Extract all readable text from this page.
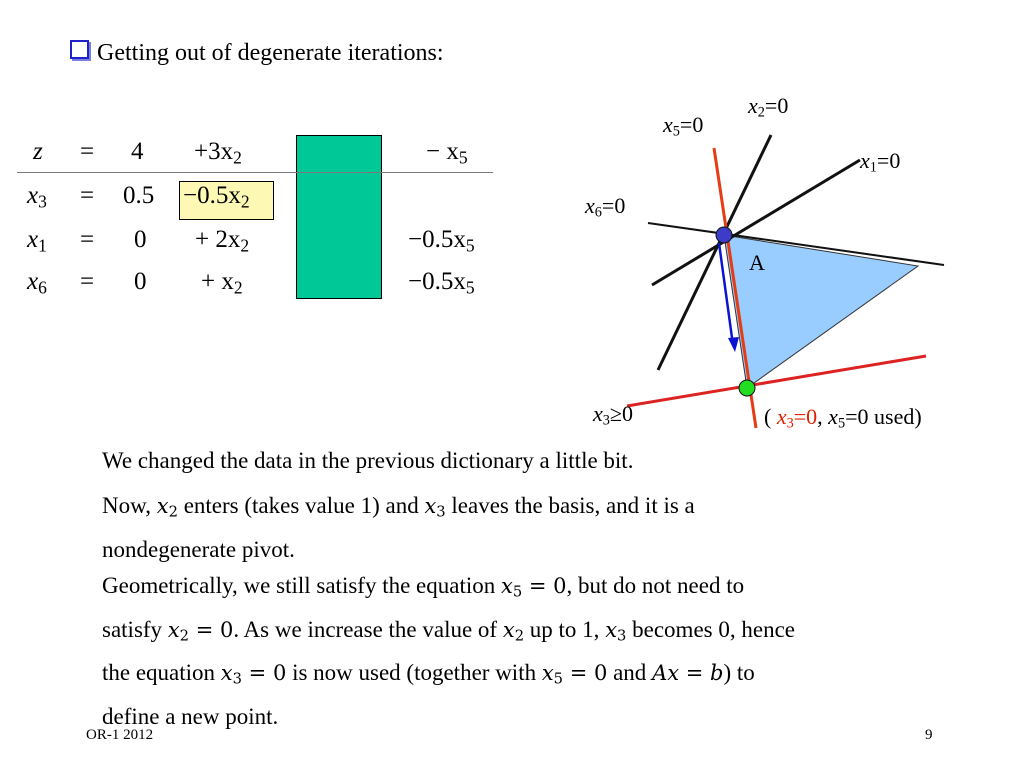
Getting out of degenerate iterations:
$z = 4 +3x_2$	− $x_5$
$x_3 = 0.5 -0.5x_2$
$x_1 = 0 + 2x_2$	$-0.5x_5$
$x_6 = 0 + x_2$	$-0.5x_5$
$x_5=0$
$x_2=0$
$x_1=0$
$x_6=0$
A
$x_3\ge 0$	( $x_3=0$, $x_5=0$ used)
We changed the data in the previous dictionary a little bit.
Now, $x_2$ enters (takes value 1) and $x_3$ leaves the basis, and it is a
nondegenerate pivot.
Geometrically, we still satisfy the equation $x_5 = 0$, but do not need to
satisfy $x_2 = 0$. As we increase the value of $x_2$ up to 1, $x_3$ becomes 0, hence
the equation $x_3 = 0$ is now used (together with $x_5 = 0$ and Ax = b) to
define a new point.
OR-1 2012	9
